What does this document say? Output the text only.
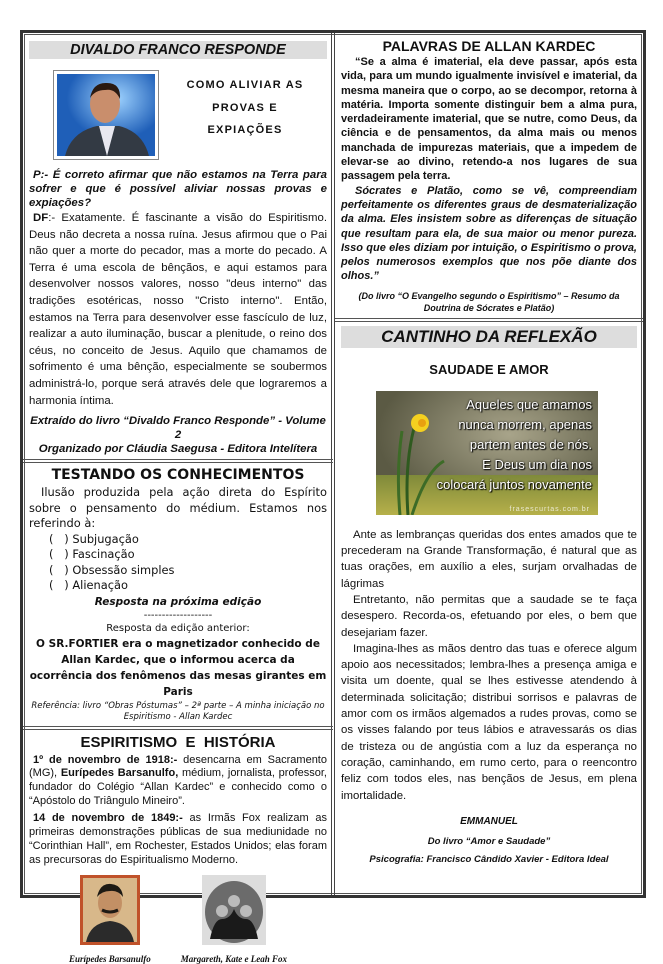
DIVALDO FRANCO RESPONDE
COMO ALIVIAR AS
PROVAS E
EXPIAÇÕES

P:- É correto afirmar que não estamos na Terra para sofrer e que é possível aliviar nossas provas e expiações?

DF:- Exatamente. É fascinante a visão do Espiritismo. Deus não decreta a nossa ruína. Jesus afirmou que o Pai não quer a morte do pecador, mas a morte do pecado. A Terra é uma escola de bênçãos, e aqui estamos para desenvolver nossos valores, nosso "deus interno" das tradições esotéricas, nosso "Cristo interno". Então, estamos na Terra para desenvolver esse fascículo de luz, realizar a auto iluminação, buscar a plenitude, o reino dos céus, no conceito de Jesus. Aquilo que chamamos de sofrimento é uma bênção, especialmente se soubermos administrá-lo, porque será através dele que lograremos a harmonia íntima.

Extraído do livro “Divaldo Franco Responde” - Volume 2

Organizado por Cláudia Saegusa - Editora Intelítera

TESTANDO OS CONHECIMENTOS

Ilusão produzida pela ação direta do Espírito sobre o pensamento do médium. Estamos nos referindo à:

(   ) Subjugação
(   ) Fascinação
(   ) Obsessão simples
(   ) Alienação
Resposta na próxima edição
-------------------
Resposta da edição anterior:
O SR.FORTIER era o magnetizador conhecido de Allan Kardec, que o informou acerca da ocorrência dos fenômenos das mesas girantes em Paris
Referência: livro “Obras Póstumas” – 2ª parte – A minha iniciação no Espiritismo - Allan Kardec
ESPIRITISMO  E  HISTÓRIA

1º de novembro de 1918:- desencarna em Sacramento (MG), Eurípedes Barsanulfo, médium, jornalista, professor, fundador do Colégio “Allan Kardec” e conhecido como o “Apóstolo do Triângulo Mineiro”.

14 de novembro de 1849:- as Irmãs Fox realizam as primeiras demonstrações públicas de sua mediunidade no “Corinthian Hall”, em Rochester, Estados Unidos; elas foram as precursoras do Espiritualismo Moderno.

Eurípedes Barsanulfo	Margareth, Kate e Leah Fox
PALAVRAS DE ALLAN KARDEC

“Se a alma é imaterial, ela deve passar, após esta vida, para um mundo igualmente invisível e imaterial, da mesma maneira que o corpo, ao se decompor, retorna à matéria. Importa somente distinguir bem a alma pura, verdadeiramente imaterial, que se nutre, como Deus, da ciência e de pensamentos, da alma mais ou menos manchada de impurezas materiais, que a impedem de elevar-se ao divino, retendo-a nos lugares de sua passagem pela terra.

Sócrates e Platão, como se vê, compreendiam perfeitamente os diferentes graus de desmaterialização da alma. Eles insistem sobre as diferenças de situação que resultam para ela, de sua maior ou menor pureza. Isso que eles diziam por intuição, o Espiritismo o prova, pelos numerosos exemplos que nos põe diante dos olhos.”

(Do livro “O Evangelho segundo o Espiritismo” – Resumo da Doutrina de Sócrates e Platão)

CANTINHO DA REFLEXÃO
SAUDADE E AMOR
Aqueles que amamos
nunca morrem, apenas
partem antes de nós.
E Deus um dia nos
colocará juntos novamente
frasescurtas.com.br

Ante as lembranças queridas dos entes amados que te precederam na Grande Transformação, é natural que as tuas orações, em auxílio a eles, surjam orvalhadas de lágrimas

Entretanto, não permitas que a saudade se te faça desespero. Recorda-os, efetuando por eles, o bem que desejariam fazer.

Imagina-lhes as mãos dentro das tuas e oferece algum apoio aos necessitados; lembra-lhes a presença amiga e visita um doente, qual se lhes estivesse atendendo à determinada solicitação; distribui sorrisos e palavras de amor com os irmãos algemados a rudes provas, como se os visses falando por teus lábios e atravessarás os dias de tristeza ou de angústia com a luz da esperança no coração, caminhando, em rumo certo, para o reencontro feliz com todos eles, nas bençãos de Jesus, em plena imortalidade.

EMMANUEL
Do livro “Amor e Saudade”
Psicografia: Francisco Cândido Xavier - Editora Ideal
